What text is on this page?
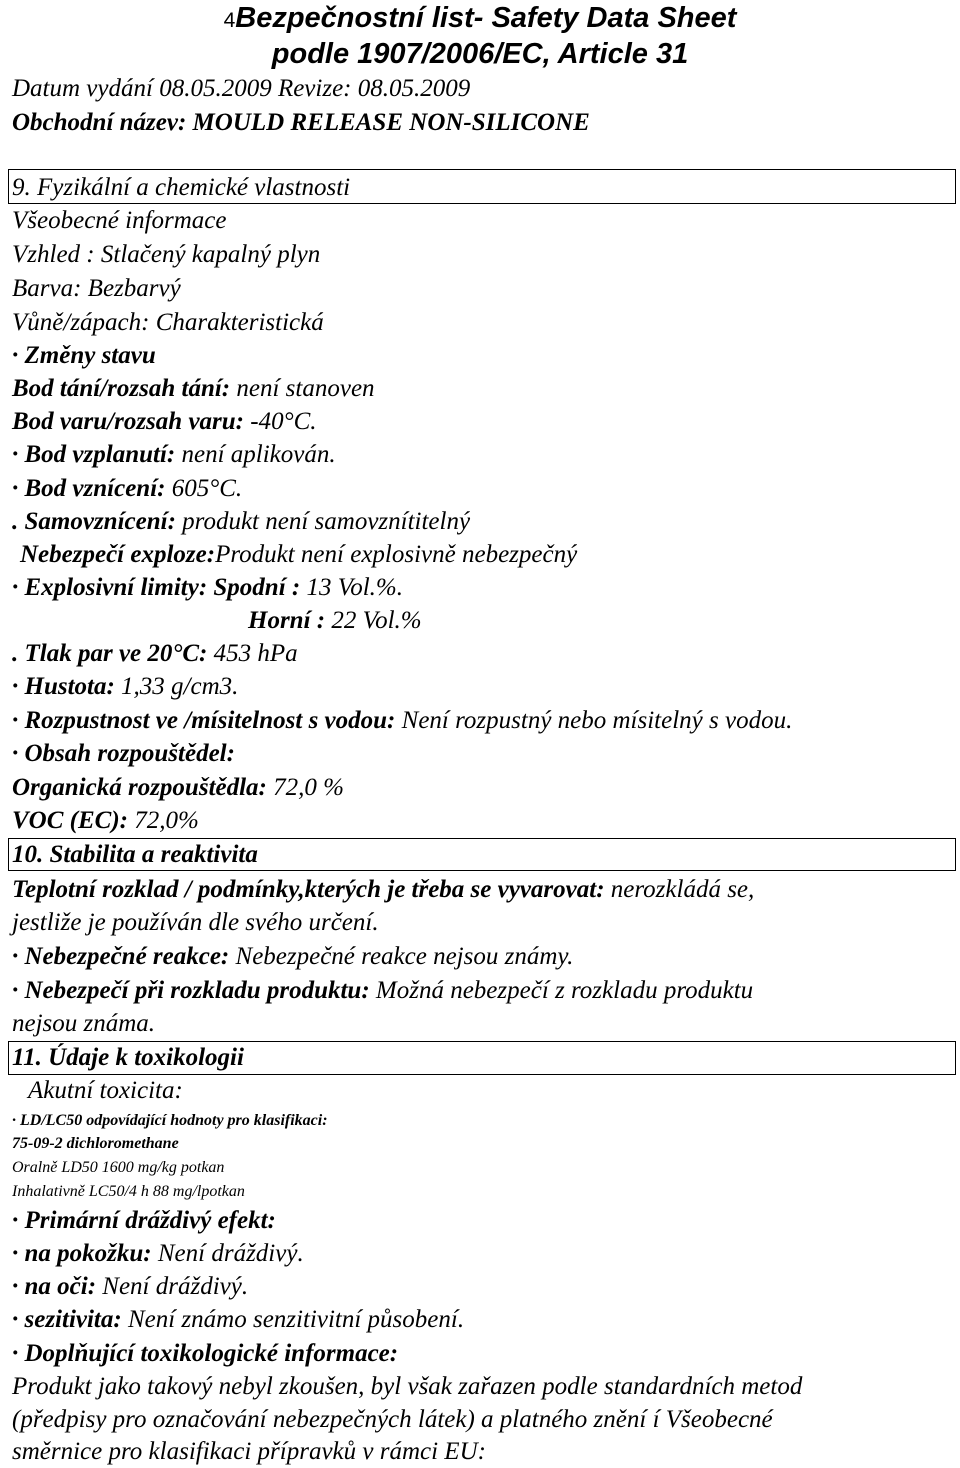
4Bezpečnostní list- Safety Data Sheet
podle 1907/2006/EC, Article 31
Datum vydání 08.05.2009 Revize: 08.05.2009
Obchodní název: MOULD RELEASE NON-SILICONE
9. Fyzikální a chemické vlastnosti
Všeobecné informace
Vzhled : Stlačený kapalný plyn
Barva: Bezbarvý
Vůně/zápach: Charakteristická
· Změny stavu
Bod tání/rozsah tání: není stanoven
Bod varu/rozsah varu: -40°C.
· Bod vzplanutí: není aplikován.
· Bod vznícení: 605°C.
. Samovznícení: produkt není samovznítitelný
Nebezpečí exploze:Produkt není explosivně nebezpečný
· Explosivní limity: Spodní : 13 Vol.%.
Horní : 22 Vol.%
. Tlak par ve 20°C: 453 hPa
· Hustota: 1,33 g/cm3.
· Rozpustnost ve /mísitelnost s vodou: Není rozpustný nebo mísitelný s vodou.
· Obsah rozpouštědel:
Organická rozpouštědla: 72,0 %
VOC (EC): 72,0%
10. Stabilita a reaktivita
Teplotní rozklad / podmínky,kterých je třeba se vyvarovat: nerozkládá se,
jestliže je používán dle svého určení.
· Nebezpečné reakce: Nebezpečné reakce nejsou známy.
· Nebezpečí při rozkladu produktu: Možná nebezpečí z rozkladu produktu
nejsou známa.
11. Údaje k toxikologii
Akutní toxicita:
· LD/LC50 odpovídající hodnoty pro klasifikaci:
75-09-2 dichloromethane
Oralně LD50 1600 mg/kg potkan
Inhalativně LC50/4 h 88 mg/lpotkan
· Primární dráždivý efekt:
· na pokožku: Není dráždivý.
· na oči: Není dráždivý.
· sezitivita: Není známo senzitivitní působení.
· Doplňující toxikologické informace:
Produkt jako takový nebyl zkoušen, byl však zařazen podle standardních metod
(předpisy pro označování nebezpečných látek) a platného znění í Všeobecné
směrnice pro klasifikaci přípravků v rámci EU:
